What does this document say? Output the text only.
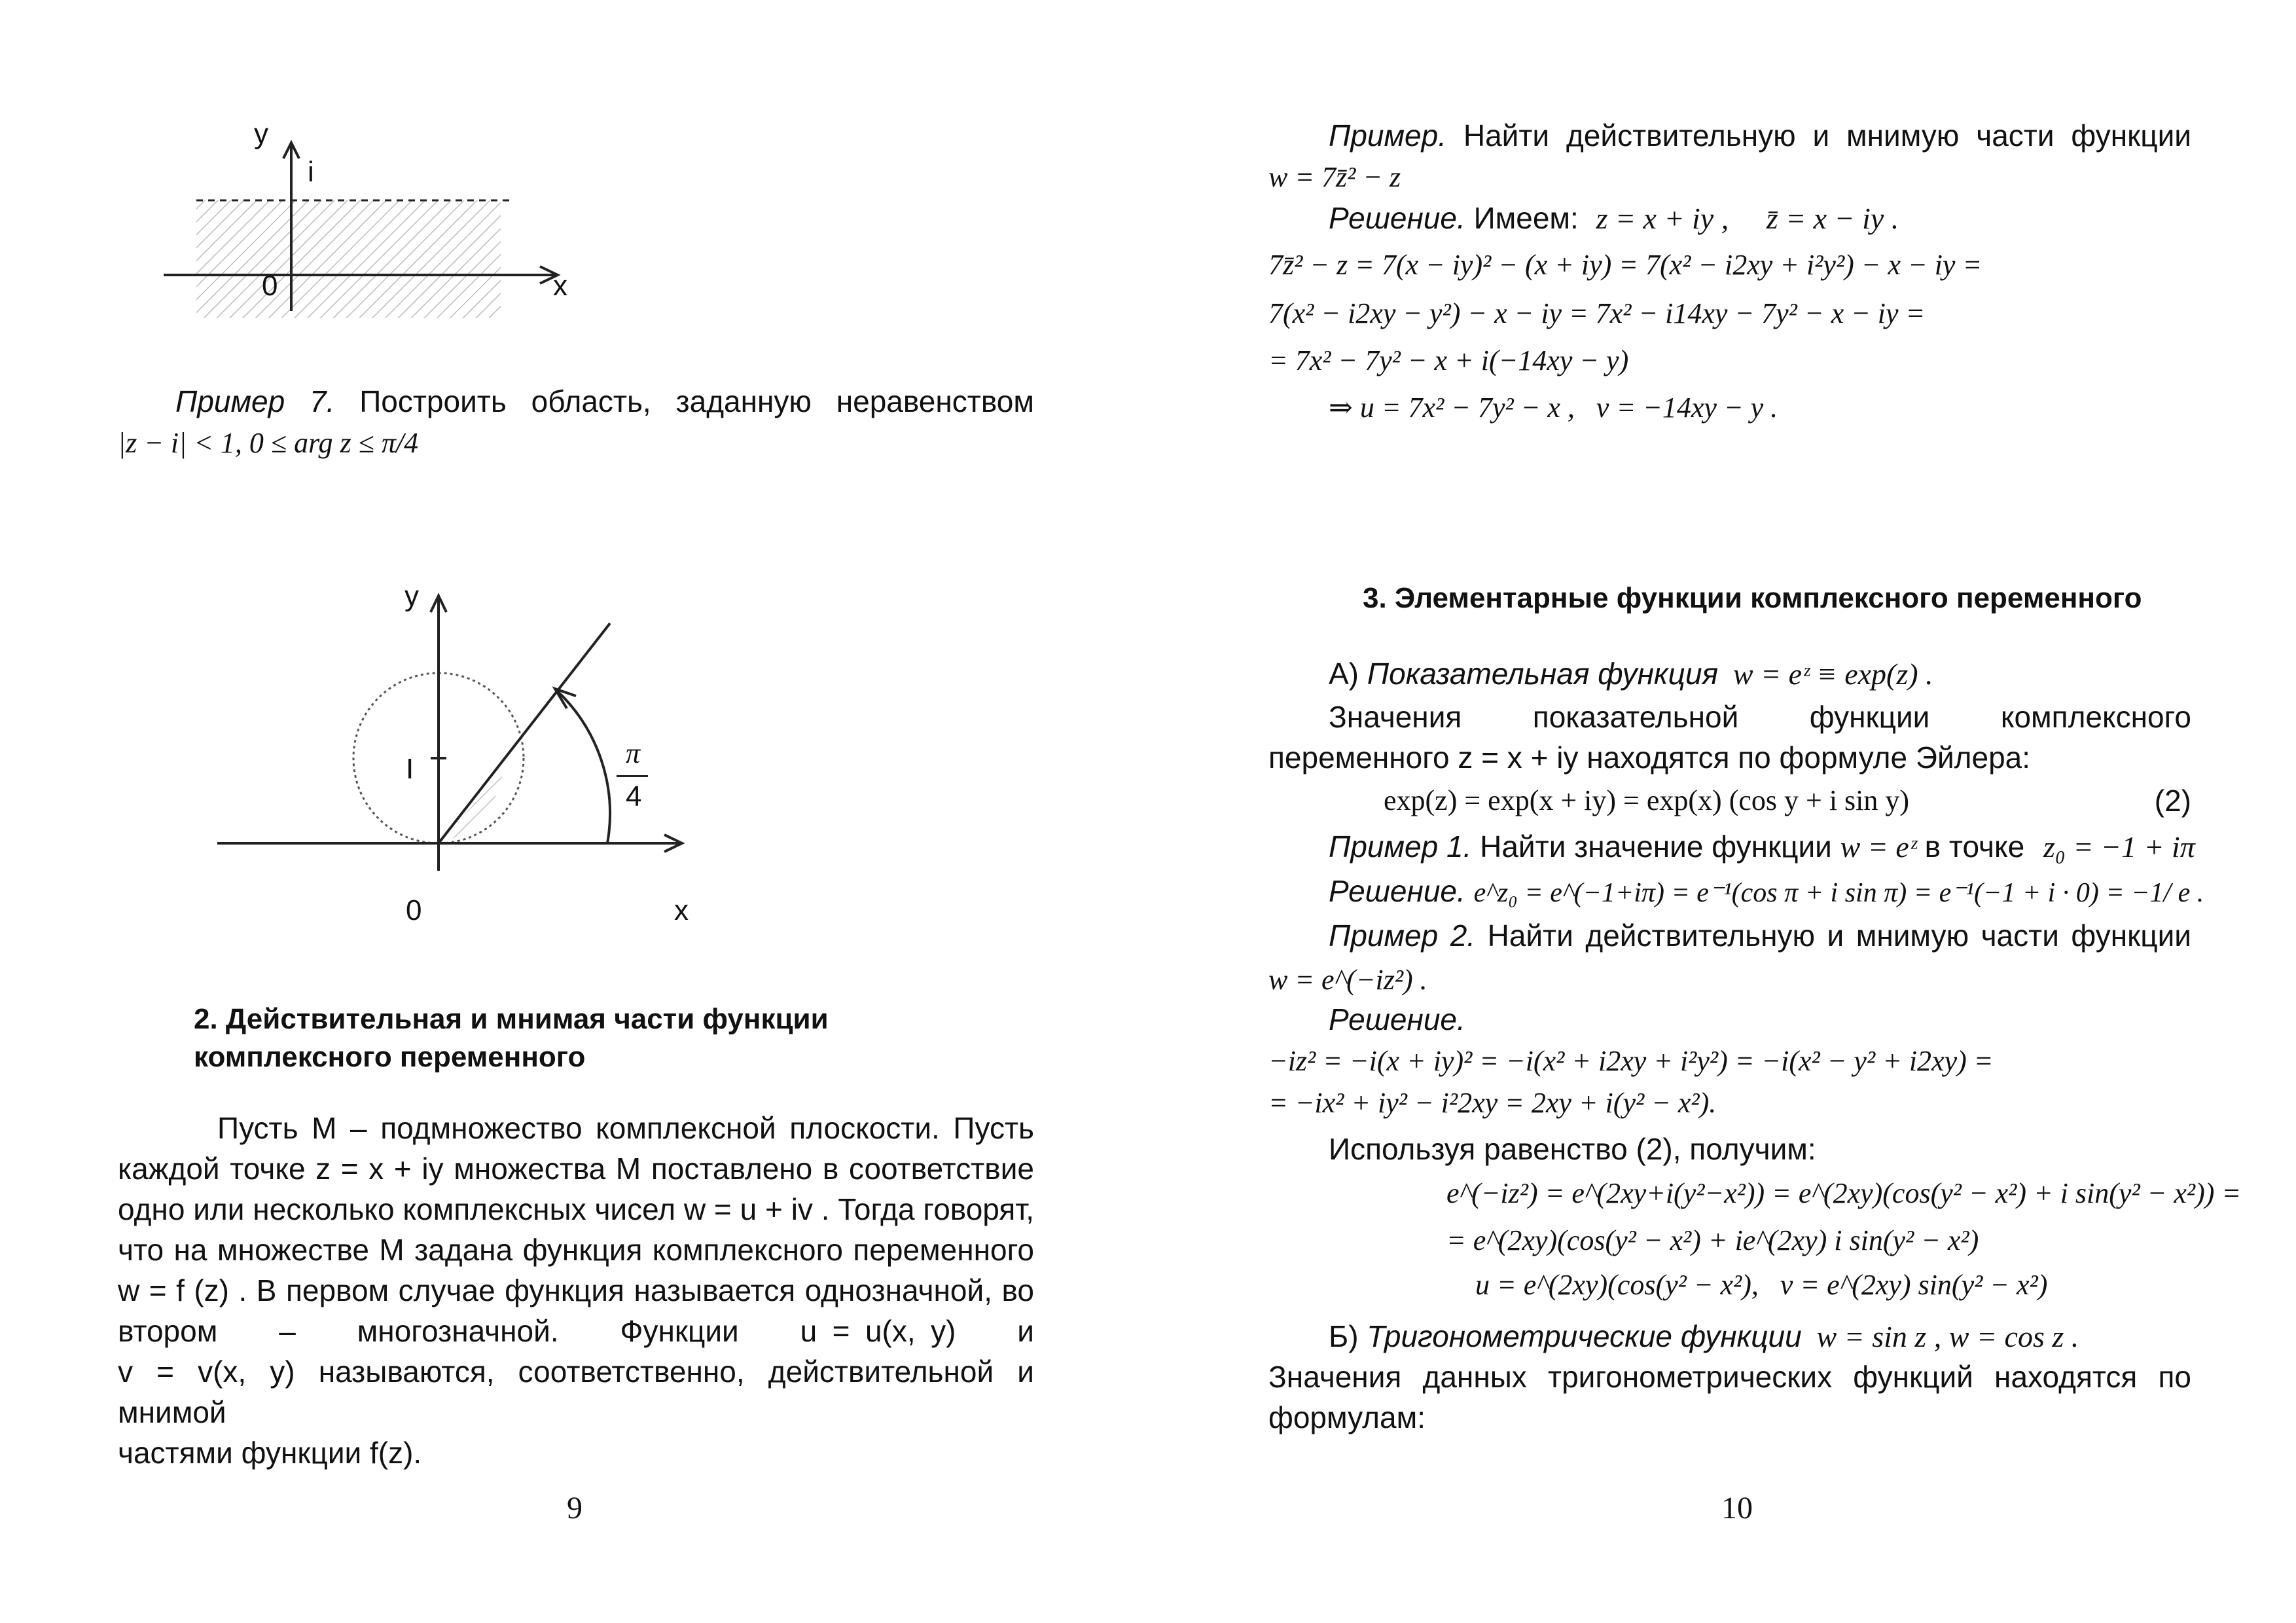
y
i
0	x
Пример 7. Построить область, заданную неравенством
|z − i| < 1, 0 ≤ arg z ≤ π/4
y
I	π
4
0	x
2. Действительная и мнимая части функции
комплексного переменного
Пусть M – подмножество комплексной плоскости. Пусть
каждой точке z = x + iy множества M поставлено в соответствие
одно или несколько комплексных чисел w = u + iv . Тогда говорят,
что на множестве M задана функция комплексного переменного
w = f (z) . В первом случае функция называется однозначной, во
втором    –    многозначной.    Функции    u = u(x, y)    и
v = v(x, y) называются, соответственно, действительной и мнимой
частями функции f(z).
9
Пример. Найти действительную и мнимую части функции
w = 7z̄² − z
Решение. Имеем: z = x + iy ,     z̄ = x − iy .
7z̄² − z = 7(x − iy)² − (x + iy) = 7(x² − i2xy + i²y²) − x − iy =
7(x² − i2xy − y²) − x − iy = 7x² − i14xy − 7y² − x − iy =
= 7x² − 7y² − x + i(−14xy − y)
⇒ u = 7x² − 7y² − x ,   v = −14xy − y .
3. Элементарные функции комплексного переменного
А) Показательная функция w = eᶻ ≡ exp(z) .
Значения показательной функции комплексного
переменного z = x + iy находятся по формуле Эйлера:
exp(z) = exp(x + iy) = exp(x) (cos y + i sin y)	(2)
Пример 1. Найти значение функции w = eᶻ в точке z₀ = −1 + iπ
Решение. e^z₀ = e^(−1+iπ) = e⁻¹(cos π + i sin π) = e⁻¹(−1 + i · 0) = −1/ e .
Пример 2. Найти действительную и мнимую части функции
w = e^(−iz²) .
Решение.
−iz² = −i(x + iy)² = −i(x² + i2xy + i²y²) = −i(x² − y² + i2xy) =
= −ix² + iy² − i²2xy = 2xy + i(y² − x²).
Используя равенство (2), получим:
e^(−iz²) = e^(2xy+i(y²−x²)) = e^(2xy)(cos(y² − x²) + i sin(y² − x²)) =
= e^(2xy)(cos(y² − x²) + ie^(2xy) i sin(y² − x²)
u = e^(2xy)(cos(y² − x²),   v = e^(2xy) sin(y² − x²)
Б) Тригонометрические функции w = sin z , w = cos z .
Значения данных тригонометрических функций находятся по
формулам:
10
